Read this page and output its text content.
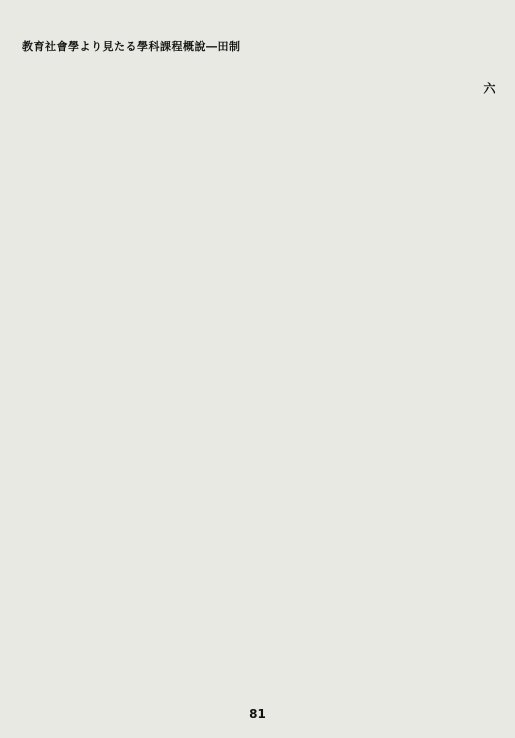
教育社會學より見たる學科課程概說―田制
六
81
